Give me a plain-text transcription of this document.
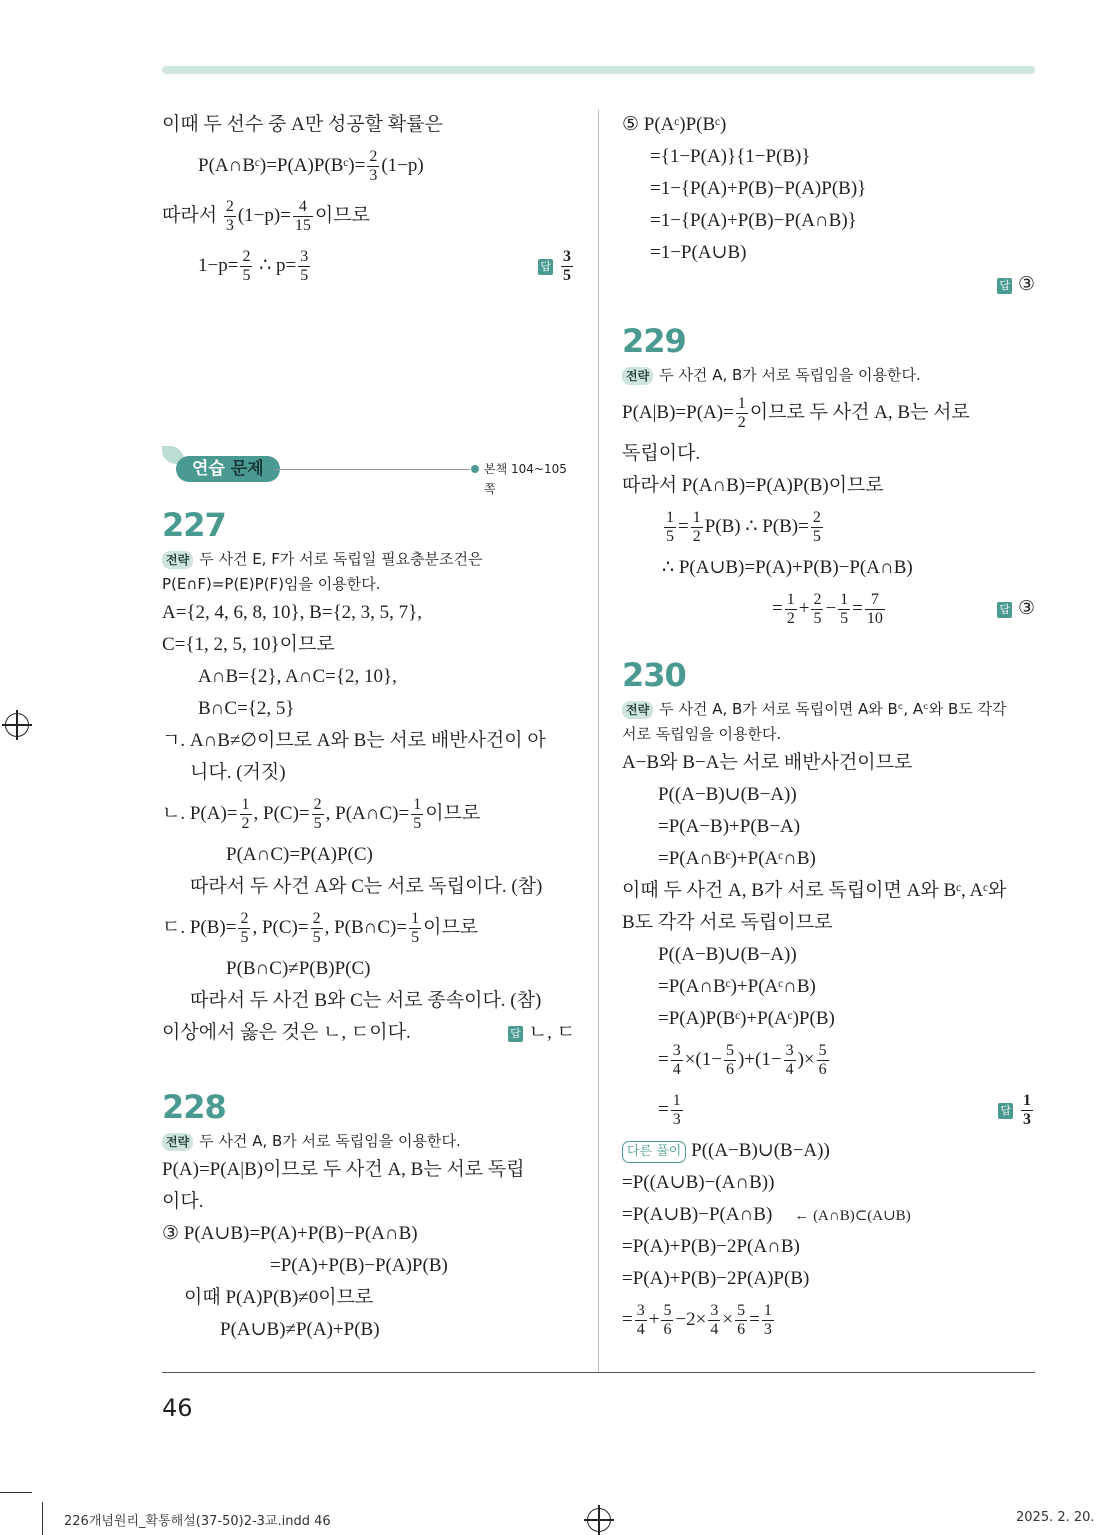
이때 두 선수 중 A만 성공할 확률은
P(A∩Bᶜ)=P(A)P(Bᶜ)= $\frac{2}{3} (1-p)$
따라서 $\frac{2}{3} (1-p)= \frac{4}{15}$ 이므로
$1-p= \frac{2}{5}$ ∴ $p= \frac{3}{5}$	답 $\frac{3}{5}$
연습 문제	본책 104~105쪽
227
전략 두 사건 E, F가 서로 독립일 필요충분조건은
P(E∩F)=P(E)P(F)임을 이용한다.
A={2, 4, 6, 8, 10}, B={2, 3, 5, 7},
C={1, 2, 5, 10}이므로
A∩B={2}, A∩C={2, 10},
B∩C={2, 5}
ㄱ. A∩B≠∅이므로 A와 B는 서로 배반사건이 아
니다. (거짓)
ㄴ. $P(A)= \frac{1}{2}$ , $P(C)= \frac{2}{5}$ , P(A∩C)= $\frac{1}{5}$ 이므로
P(A∩C)=P(A)P(C)
따라서 두 사건 A와 C는 서로 독립이다. (참)
ㄷ. $P(B)= \frac{2}{5}$ , $P(C)= \frac{2}{5}$ , P(B∩C)= $\frac{1}{5}$ 이므로
P(B∩C)≠P(B)P(C)
따라서 두 사건 B와 C는 서로 종속이다. (참)
이상에서 옳은 것은 ㄴ, ㄷ이다.	답 ㄴ, ㄷ
228
전략 두 사건 A, B가 서로 독립임을 이용한다.
P(A)=P(A|B)이므로 두 사건 A, B는 서로 독립
이다.
③ P(A∪B)=P(A)+P(B)−P(A∩B)
=P(A)+P(B)−P(A)P(B)
이때 P(A)P(B)≠0이므로
P(A∪B)≠P(A)+P(B)
⑤ P(Aᶜ)P(Bᶜ)
={1−P(A)}{1−P(B)}
=1−{P(A)+P(B)−P(A)P(B)}
=1−{P(A)+P(B)−P(A∩B)}
=1−P(A∪B)
답 ③
229
전략 두 사건 A, B가 서로 독립임을 이용한다.
$P(A|B)=P(A)= \frac{1}{2}$ 이므로 두 사건 A, B는 서로
독립이다.
따라서 P(A∩B)=P(A)P(B)이므로
$\frac{1}{5} = \frac{1}{2} P(B)$ ∴ $P(B)= \frac{2}{5}$
∴ P(A∪B)=P(A)+P(B)−P(A∩B)
= $\frac{1}{2} + \frac{2}{5} - \frac{1}{5} = \frac{7}{10}$	답 ③
230
전략 두 사건 A, B가 서로 독립이면 A와 Bᶜ, Aᶜ와 B도 각각
서로 독립임을 이용한다.
A−B와 B−A는 서로 배반사건이므로
P((A−B)∪(B−A))
=P(A−B)+P(B−A)
=P(A∩Bᶜ)+P(Aᶜ∩B)
이때 두 사건 A, B가 서로 독립이면 A와 Bᶜ, Aᶜ와
B도 각각 서로 독립이므로
P((A−B)∪(B−A))
=P(A∩Bᶜ)+P(Aᶜ∩B)
=P(A)P(Bᶜ)+P(Aᶜ)P(B)
= $\frac{3}{4} \times(1- \frac{5}{6} )+(1- \frac{3}{4}$ )× $\frac{5}{6}$
= $\frac{1}{3}$	답 $\frac{1}{3}$
다른 풀이 P((A−B)∪(B−A))
=P((A∪B)−(A∩B))
=P(A∪B)−P(A∩B) ← (A∩B)⊂(A∪B)
=P(A)+P(B)−2P(A∩B)
=P(A)+P(B)−2P(A)P(B)
= $\frac{3}{4} + \frac{5}{6} -2\times \frac{3}{4} \times \frac{5}{6} = \frac{1}{3}$
46
226개념원리_확통해설(37-50)2-3교.indd 46	2025. 2. 20.
